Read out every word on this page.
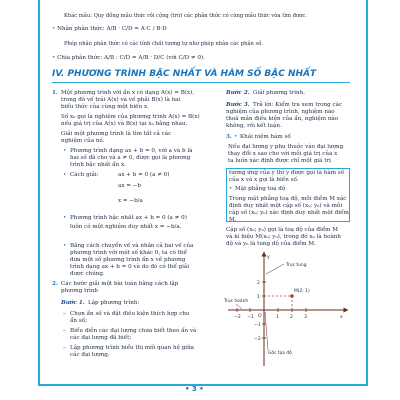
Khác mẫu: Quy đồng mẫu thức rồi cộng (trừ) các phân thức có cùng mẫu thức vừa tìm được.
• Nhân phân thức: A/B · C/D = A·C / B·D
Phép nhân phân thức có các tính chất tương tự như phép nhân các phân số.
• Chia phân thức: A/B : C/D = A/B · D/C (với C/D ≠ 0).
IV. PHƯƠNG TRÌNH BẬC NHẤT VÀ HÀM SỐ BẬC NHẤT
1. Một phương trình với ẩn x có dạng A(x) = B(x),
trong đó vế trái A(x) và vế phải B(x) là hai
biểu thức của cùng một biến x.
Số x₀ gọi là nghiệm của phương trình A(x) = B(x)
nếu giá trị của A(x) và B(x) tại x₀ bằng nhau.
Giải một phương trình là tìm tất cả các
nghiệm của nó.
• Phương trình dạng ax + b = 0, với a và b là
hai số đã cho và a ≠ 0, được gọi là phương
trình bậc nhất ẩn x.
• Cách giải:	ax + b = 0 (a ≠ 0)
ax = −b
x = −b/a
• Phương trình bậc nhất ax + b = 0 (a ≠ 0)
luôn có một nghiệm duy nhất x = −b/a.
• Bằng cách chuyển vế và nhân cả hai vế của
phương trình với một số khác 0, ta có thể
đưa một số phương trình ẩn x về phương
trình dạng ax + b = 0 và do đó có thể giải
được chúng.
2. Các bước giải một bài toán bằng cách lập
phương trình
Bước 1. Lập phương trình:
– Chọn ẩn số và đặt điều kiện thích hợp cho
ẩn số;
– Biểu diễn các đại lượng chưa biết theo ẩn và
các đại lượng đã biết;
– Lập phương trình biểu thị mối quan hệ giữa
các đại lượng.
Bước 2. Giải phương trình.
Bước 3. Trả lời: Kiểm tra xem trong các
nghiệm của phương trình, nghiệm nào
thoả mãn điều kiện của ẩn, nghiệm nào
không, rồi kết luận.
3. • Khái niệm hàm số
Nếu đại lượng y phụ thuộc vào đại lượng
thay đổi x sao cho với mỗi giá trị của x
ta luôn xác định được chỉ một giá trị
tương ứng của y thì y được gọi là hàm số
của x và x gọi là biến số.
• Mặt phẳng toạ độ
Trong mặt phẳng toạ độ, mỗi điểm M xác
định duy nhất một cặp số (x₀; y₀) và mỗi
cặp số (x₀; y₀) xác định duy nhất một điểm
M.
Cặp số (x₀; y₀) gọi là toạ độ của điểm M
và kí hiệu M(x₀; y₀), trong đó x₀ là hoành
độ và y₀ là tung độ của điểm M.
−2 −1	1 2 3	x
2
1
−1
−2
y
O
Trục tung
M(2; 1)
Trục hoành
Gốc tọa độ
• 3 •
